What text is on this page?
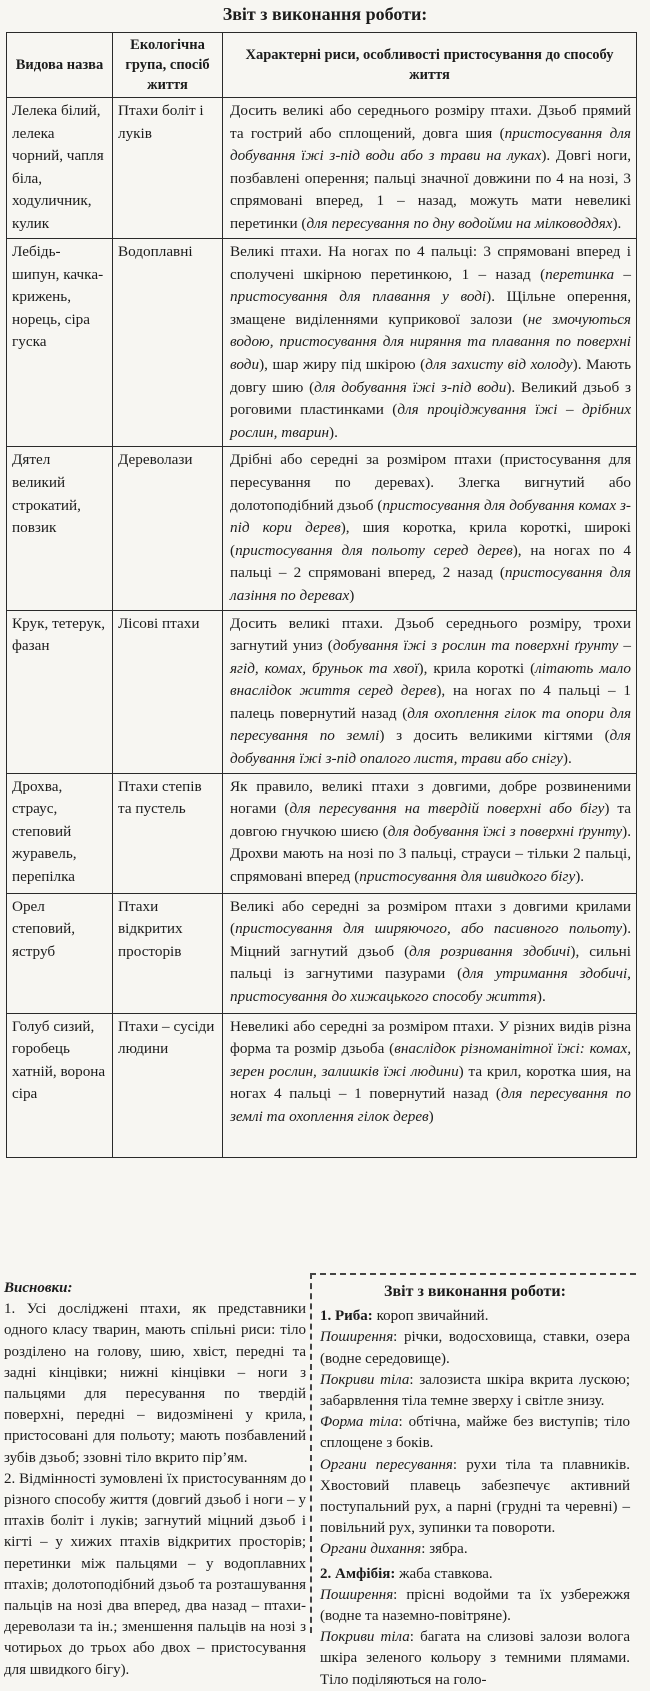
Звіт з виконання роботи:
Видова назва	Екологічна група, спосіб життя	Характерні риси, особливості пристосування до способу життя
Лелека білий, лелека чорний, чапля біла, ходуличник, кулик	Птахи боліт і луків	Досить великі або середнього розміру птахи. Дзьоб прямий та гострий або сплощений, довга шия (пристосування для добування їжі з-під води або з трави на луках). Довгі ноги, позбавлені оперення; пальці значної довжини по 4 на нозі, 3 спрямовані вперед, 1 – назад, можуть мати невеликі перетинки (для пересування по дну водойми на мілководдях).
Лебідь-шипун, качка-крижень, норець, сіра гуска	Водоплавні	Великі птахи. На ногах по 4 пальці: 3 спрямовані вперед і сполучені шкірною перетинкою, 1 – назад (перетинка – пристосування для плавання у воді). Щільне оперення, змащене виділеннями куприкової залози (не змочуються водою, пристосування для ниряння та плавання по поверхні води), шар жиру під шкірою (для захисту від холоду). Мають довгу шию (для добування їжі з-під води). Великий дзьоб з роговими пластинками (для проціджування їжі – дрібних рослин, тварин).
Дятел великий строкатий, повзик	Дереволази	Дрібні або середні за розміром птахи (пристосування для пересування по деревах). Злегка вигнутий або долотоподібний дзьоб (пристосування для добування комах з-під кори дерев), шия коротка, крила короткі, широкі (пристосування для польоту серед дерев), на ногах по 4 пальці – 2 спрямовані вперед, 2 назад (пристосування для лазіння по деревах)
Крук, тетерук, фазан	Лісові птахи	Досить великі птахи. Дзьоб середнього розміру, трохи загнутий униз (добування їжі з рослин та поверхні ґрунту – ягід, комах, бруньок та хвої), крила короткі (літають мало внаслідок життя серед дерев), на ногах по 4 пальці – 1 палець повернутий назад (для охоплення гілок та опори для пересування по землі) з досить великими кігтями (для добування їжі з-під опалого листя, трави або снігу).
Дрохва, страус, степовий журавель, перепілка	Птахи степів та пустель	Як правило, великі птахи з довгими, добре розвиненими ногами (для пересування на твердій поверхні або бігу) та довгою гнучкою шиєю (для добування їжі з поверхні ґрунту). Дрохви мають на нозі по 3 пальці, страуси – тільки 2 пальці, спрямовані вперед (пристосування для швидкого бігу).
Орел степовий, яструб	Птахи відкритих просторів	Великі або середні за розміром птахи з довгими крилами (пристосування для ширяючого, або пасивного польоту). Міцний загнутий дзьоб (для розривання здобичі), сильні пальці із загнутими пазурами (для утримання здобичі, пристосування до хижацького способу життя).
Голуб сизий, горобець хатній, ворона сіра	Птахи – сусіди людини	Невеликі або середні за розміром птахи. У різних видів різна форма та розмір дзьоба (внаслідок різноманітної їжі: комах, зерен рослин, залишків їжі людини) та крил, коротка шия, на ногах 4 пальці – 1 повернутий назад (для пересування по землі та охоплення гілок дерев)
Висновки:

1. Усі досліджені птахи, як представники одного класу тварин, мають спільні риси: тіло розділено на голову, шию, хвіст, передні та задні кінцівки; нижні кінцівки – ноги з пальцями для пересування по твердій поверхні, передні – видозмінені у крила, пристосовані для польоту; мають позбавлений зубів дзьоб; ззовні тіло вкрито пір’ям.

2. Відмінності зумовлені їх пристосуванням до різного способу життя (довгий дзьоб і ноги – у птахів боліт і луків; загнутий міцний дзьоб і кігті – у хижих птахів відкритих просторів; перетинки між пальцями – у водоплавних птахів; долотоподібний дзьоб та розташування пальців на нозі два вперед, два назад – птахи-дереволази та ін.; зменшення пальців на нозі з чотирьох до трьох або двох – пристосування для швидкого бігу).

Звіт з виконання роботи:

1. Риба: короп звичайний.

Поширення: річки, водосховища, ставки, озера (водне середовище).

Покриви тіла: залозиста шкіра вкрита лускою; забарвлення тіла темне зверху і світле знизу.

Форма тіла: обтічна, майже без виступів; тіло сплощене з боків.

Органи пересування: рухи тіла та плавників. Хвостовий плавець забезпечує активний поступальний рух, а парні (грудні та черевні) – повільний рух, зупинки та повороти.

Органи дихання: зябра.

2. Амфібія: жаба ставкова.

Поширення: прісні водойми та їх узбережжя (водне та наземно-повітряне).

Покриви тіла: багата на слизові залози волога шкіра зеленого кольору з темними плямами. Тіло поділяються на голо-
